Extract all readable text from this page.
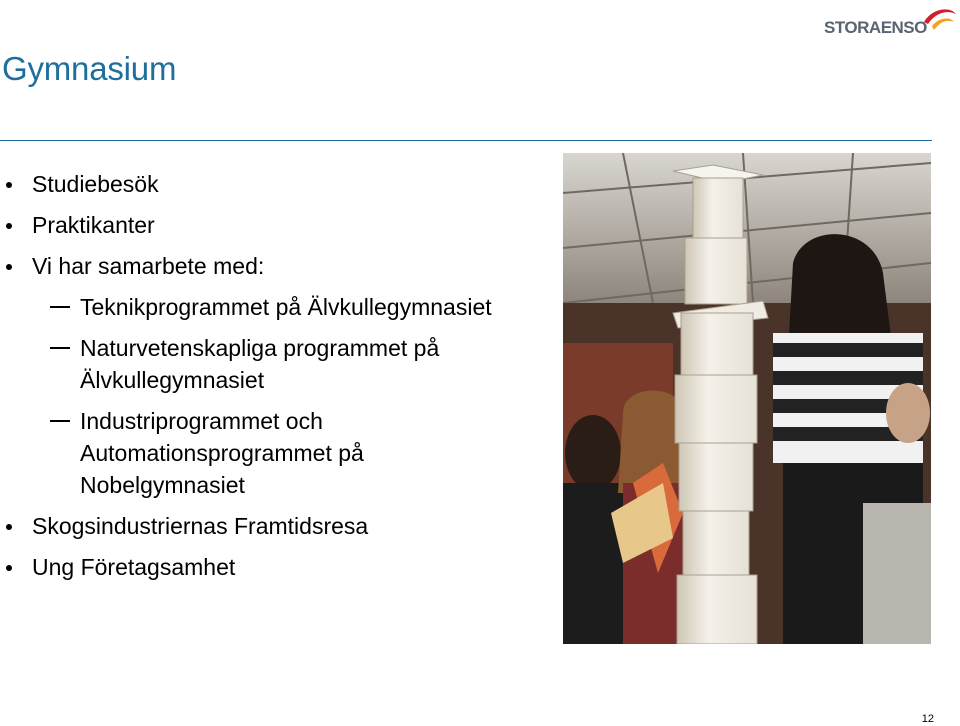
Gymnasium
STORAENSO
Studiebesök
Praktikanter
Vi har samarbete med:
Teknikprogrammet på Älvkullegymnasiet
Naturvetenskapliga programmet på Älvkullegymnasiet
Industriprogrammet och Automationsprogrammet på Nobelgymnasiet
Skogsindustriernas Framtidsresa
Ung Företagsamhet
12
